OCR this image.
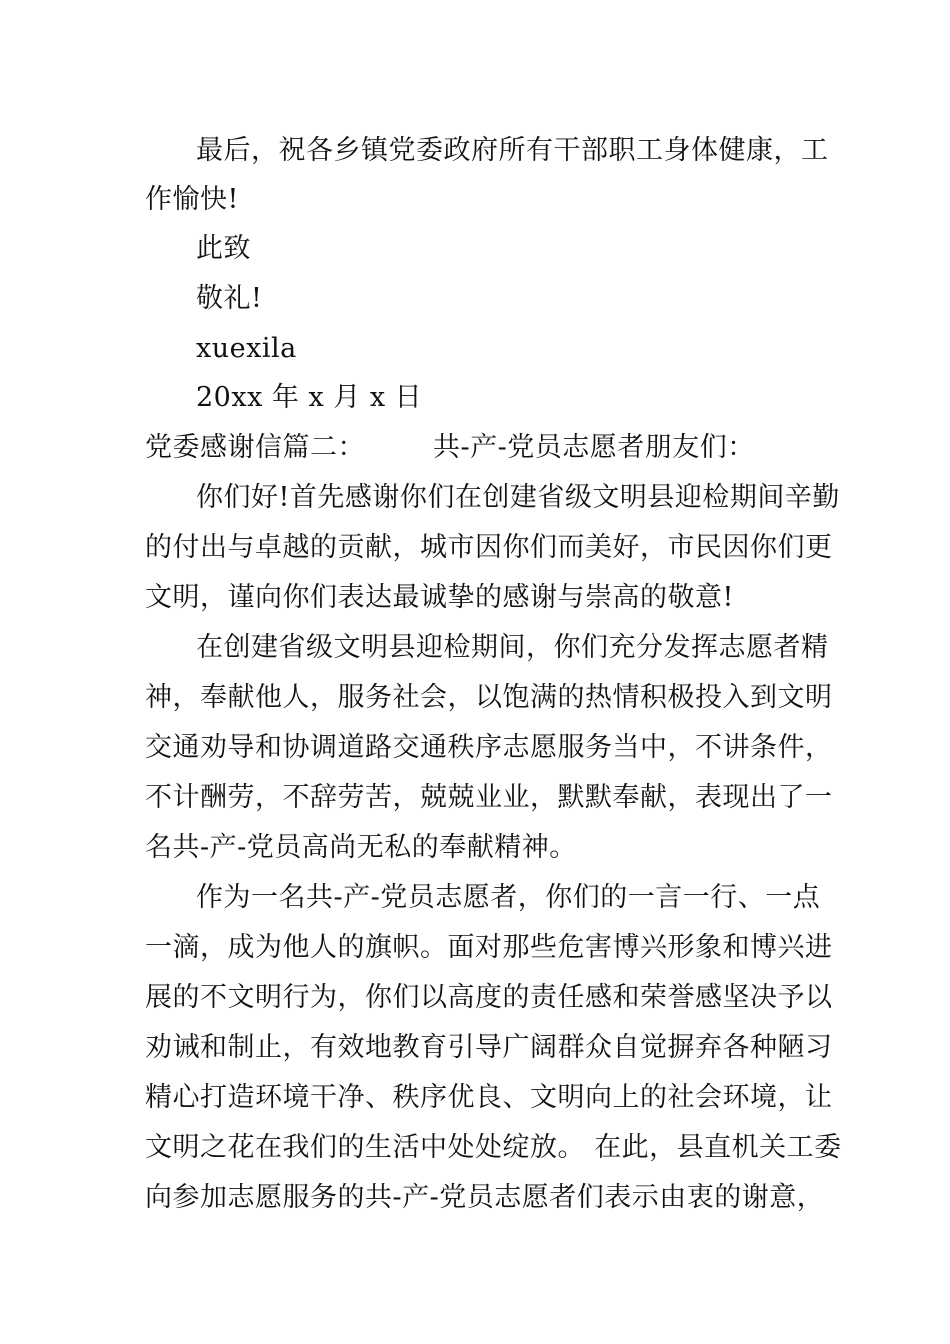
最后，祝各乡镇党委政府所有干部职工身体健康，工
作愉快!
此致
敬礼!
xuexila
20xx 年 x 月 x 日
党委感谢信篇二：	共-产-党员志愿者朋友们：
你们好!首先感谢你们在创建省级文明县迎检期间辛勤
的付出与卓越的贡献，城市因你们而美好，市民因你们更
文明，谨向你们表达最诚挚的感谢与崇高的敬意!
在创建省级文明县迎检期间，你们充分发挥志愿者精
神，奉献他人，服务社会，以饱满的热情积极投入到文明
交通劝导和协调道路交通秩序志愿服务当中，不讲条件，
不计酬劳，不辞劳苦，兢兢业业，默默奉献，表现出了一
名共-产-党员高尚无私的奉献精神。
作为一名共-产-党员志愿者，你们的一言一行、一点
一滴，成为他人的旗帜。面对那些危害博兴形象和博兴进
展的不文明行为，你们以高度的责任感和荣誉感坚决予以
劝诫和制止，有效地教育引导广阔群众自觉摒弃各种陋习
精心打造环境干净、秩序优良、文明向上的社会环境，让
文明之花在我们的生活中处处绽放。 在此，县直机关工委
向参加志愿服务的共-产-党员志愿者们表示由衷的谢意，
